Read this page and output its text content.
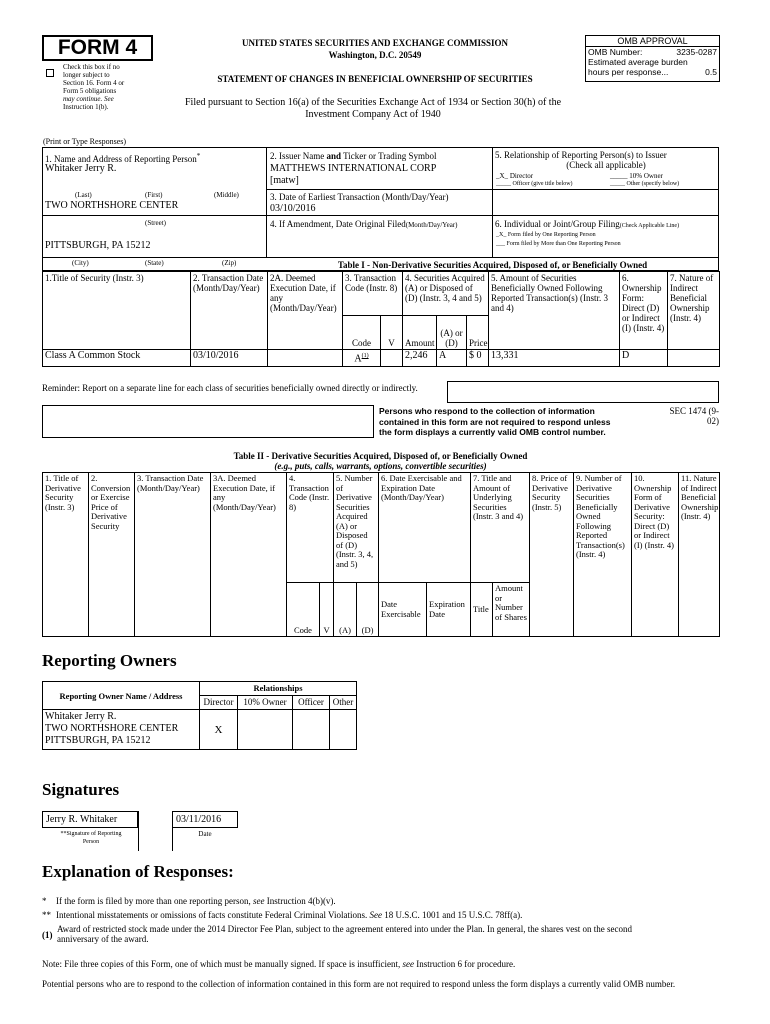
FORM 4
Check this box if no
longer subject to
Section 16. Form 4 or
Form 5 obligations
may continue. See
Instruction 1(b).
UNITED STATES SECURITIES AND EXCHANGE COMMISSION
Washington, D.C. 20549
STATEMENT OF CHANGES IN BENEFICIAL OWNERSHIP OF SECURITIES
Filed pursuant to Section 16(a) of the Securities Exchange Act of 1934 or Section 30(h) of the
Investment Company Act of 1940
OMB APPROVAL
OMB Number:	3235-0287
Estimated average burden
hours per response...	0.5
(Print or Type Responses)
1. Name and Address of Reporting Person*
Whitaker Jerry R.
(Last)	(First)	(Middle)
TWO NORTHSHORE CENTER
(Street)
PITTSBURGH, PA 15212
(City)	(State)	(Zip)
2. Issuer Name and Ticker or Trading Symbol
MATTHEWS INTERNATIONAL CORP
[matw]
3. Date of Earliest Transaction (Month/Day/Year)
03/10/2016
4. If Amendment, Date Original Filed(Month/Day/Year)
5. Relationship of Reporting Person(s) to Issuer
(Check all applicable)
_X_ Director	_____ 10% Owner
_____ Officer (give title below)	_____ Other (specify below)
6. Individual or Joint/Group Filing(Check Applicable Line)
_X_ Form filed by One Reporting Person
___ Form filed by More than One Reporting Person
Table I - Non-Derivative Securities Acquired, Disposed of, or Beneficially Owned
1.Title of Security (Instr. 3)	2. Transaction Date (Month/Day/Year)	2A. Deemed Execution Date, if any (Month/Day/Year)	3. Transaction Code (Instr. 8)		4. Securities Acquired (A) or Disposed of (D) (Instr. 3, 4 and 5)			5. Amount of Securities Beneficially Owned Following Reported Transaction(s) (Instr. 3 and 4)	6. Ownership Form: Direct (D) or Indirect (I) (Instr. 4)	7. Nature of Indirect Beneficial Ownership (Instr. 4)
			Code	V	Amount	(A) or (D)	Price			
Class A Common Stock	03/10/2016		$A^{(1)}$		2,246	A	$ 0	13,331	D	
Reminder: Report on a separate line for each class of securities beneficially owned directly or indirectly.
Persons who respond to the collection of information
contained in this form are not required to respond unless
the form displays a currently valid OMB control number.
SEC 1474 (9-
02)
Table II - Derivative Securities Acquired, Disposed of, or Beneficially Owned
(e.g., puts, calls, warrants, options, convertible securities)
1. Title of Derivative Security (Instr. 3)	2. Conversion or Exercise Price of Derivative Security	3. Transaction Date (Month/Day/Year)	3A. Deemed Execution Date, if any (Month/Day/Year)	4. Transaction Code (Instr. 8)		5. Number of Derivative Securities Acquired (A) or Disposed of (D) (Instr. 3, 4, and 5)		6. Date Exercisable and Expiration Date (Month/Day/Year)		7. Title and Amount of Underlying Securities (Instr. 3 and 4)		8. Price of Derivative Security (Instr. 5)	9. Number of Derivative Securities Beneficially Owned Following Reported Transaction(s) (Instr. 4)	10. Ownership Form of Derivative Security: Direct (D) or Indirect (I) (Instr. 4)	11. Nature of Indirect Beneficial Ownership (Instr. 4)
				Code	V	(A)	(D)	Date Exercisable	Expiration Date	Title	Amount or Number of Shares				
Reporting Owners
Reporting Owner Name / Address	Relationships			
	Director	10% Owner	Officer	Other

Whitaker Jerry R.
TWO NORTHSHORE CENTER
PITTSBURGH, PA 15212	X			
Signatures
Jerry R. Whitaker	03/11/2016
**Signature of Reporting
Person
Date
Explanation of Responses:
* If the form is filed by more than one reporting person, see Instruction 4(b)(v).
** Intentional misstatements or omissions of facts constitute Federal Criminal Violations. See 18 U.S.C. 1001 and 15 U.S.C. 78ff(a).
(1)
Award of restricted stock made under the 2014 Director Fee Plan, subject to the agreement entered into under the Plan. In general, the shares vest on the second
anniversary of the award.
Note: File three copies of this Form, one of which must be manually signed. If space is insufficient, see Instruction 6 for procedure.
Potential persons who are to respond to the collection of information contained in this form are not required to respond unless the form displays a currently valid OMB number.
